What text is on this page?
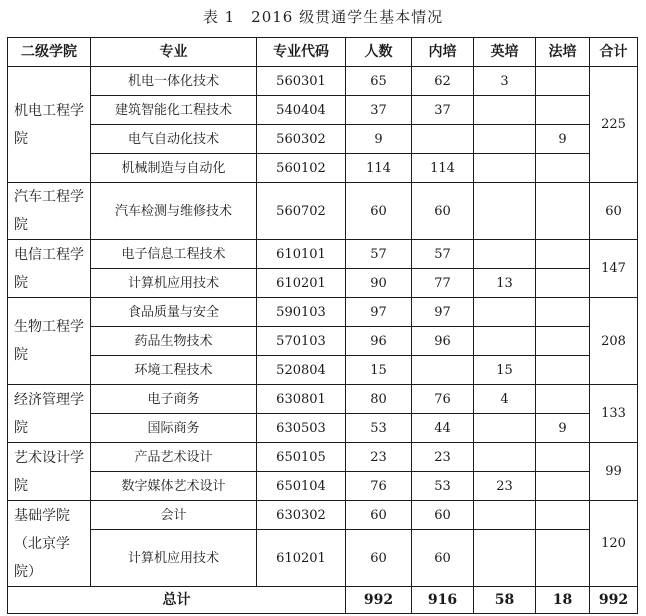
表 1　2016 级贯通学生基本情况
二级学院	专业	专业代码	人数	内培	英培	法培	合计
机电工程学院	机电一体化技术	560301	65	62	3		225
	建筑智能化工程技术	540404	37	37			
	电气自动化技术	560302	9			9	
	机械制造与自动化	560102	114	114			
汽车工程学院	汽车检测与维修技术	560702	60	60			60
电信工程学院	电子信息工程技术	610101	57	57			147
	计算机应用技术	610201	90	77	13		
生物工程学院	食品质量与安全	590103	97	97			208
	药品生物技术	570103	96	96			
	环境工程技术	520804	15		15		
经济管理学院	电子商务	630801	80	76	4		133
	国际商务	630503	53	44		9	
艺术设计学院	产品艺术设计	650105	23	23			99
	数字媒体艺术设计	650104	76	53	23		
基础学院（北京学院）	会计	630302	60	60			120
	计算机应用技术	610201	60	60			
总计			992	916	58	18	992
